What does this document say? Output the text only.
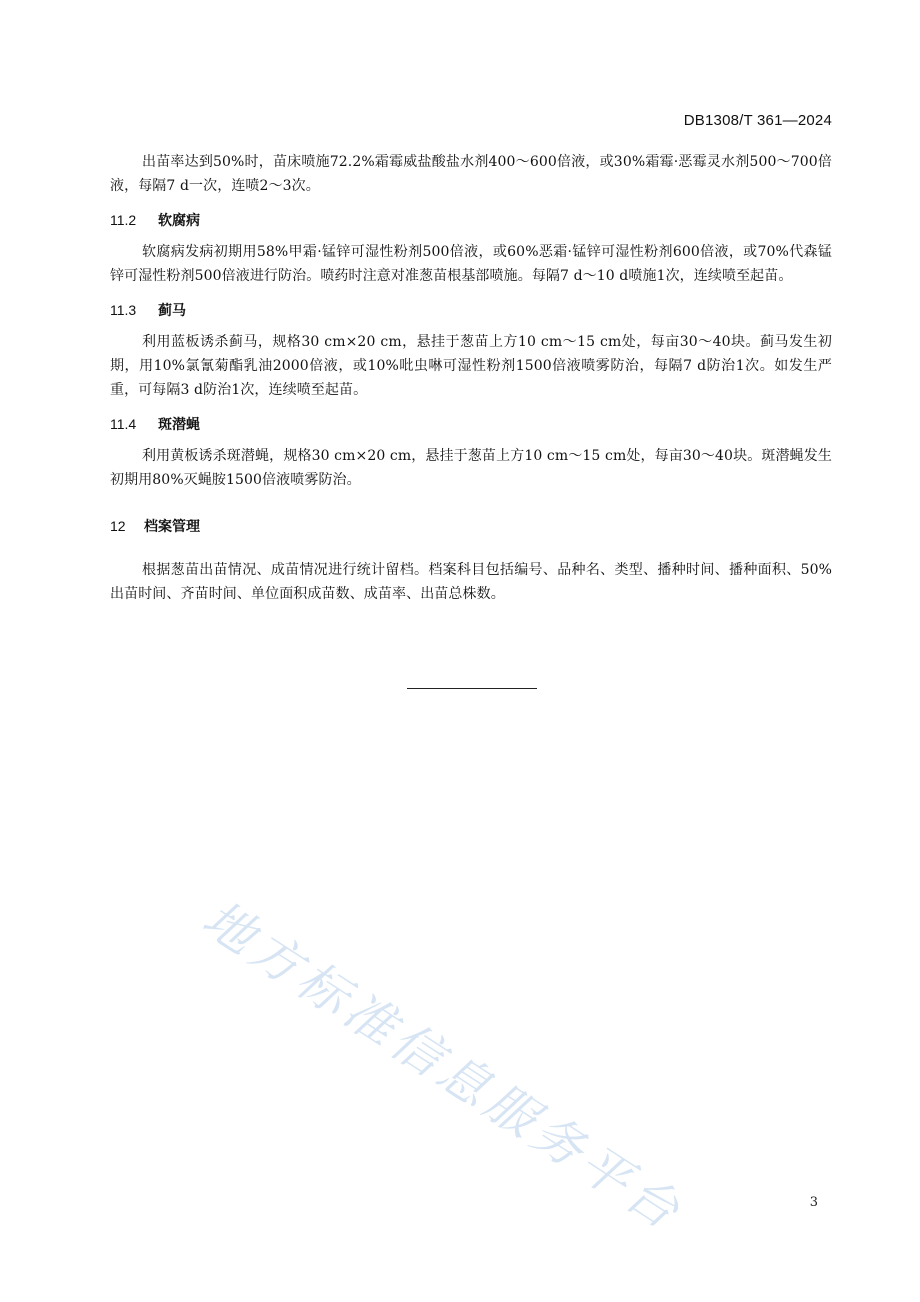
DB1308/T 361—2024
地方标准信息服务平台

出苗率达到50%时，苗床喷施72.2%霜霉威盐酸盐水剂400～600倍液，或30%霜霉·恶霉灵水剂500～700倍液，每隔7 d一次，连喷2～3次。

11.2	软腐病

软腐病发病初期用58%甲霜·锰锌可湿性粉剂500倍液，或60%恶霜·锰锌可湿性粉剂600倍液，或70%代森锰锌可湿性粉剂500倍液进行防治。喷药时注意对准葱苗根基部喷施。每隔7 d～10 d喷施1次，连续喷至起苗。

11.3	蓟马

利用蓝板诱杀蓟马，规格30 cm×20 cm，悬挂于葱苗上方10 cm～15 cm处，每亩30～40块。蓟马发生初期，用10%氯氰菊酯乳油2000倍液，或10%吡虫啉可湿性粉剂1500倍液喷雾防治，每隔7 d防治1次。如发生严重，可每隔3 d防治1次，连续喷至起苗。

11.4	斑潜蝇

利用黄板诱杀斑潜蝇，规格30 cm×20 cm，悬挂于葱苗上方10 cm～15 cm处，每亩30～40块。斑潜蝇发生初期用80%灭蝇胺1500倍液喷雾防治。

12	档案管理

根据葱苗出苗情况、成苗情况进行统计留档。档案科目包括编号、品种名、类型、播种时间、播种面积、50%出苗时间、齐苗时间、单位面积成苗数、成苗率、出苗总株数。

3
